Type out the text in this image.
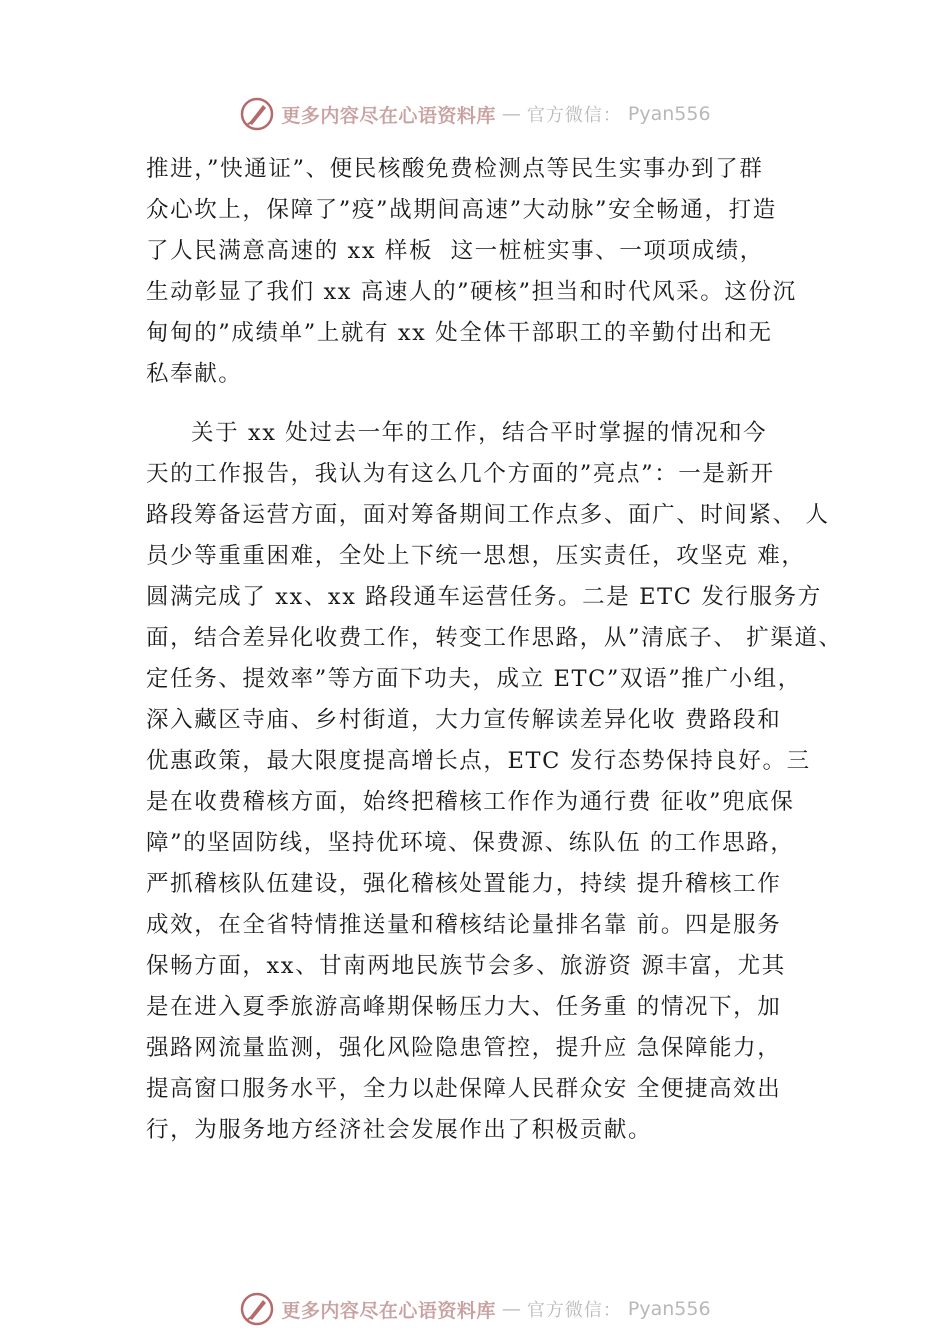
更多内容尽在心语资料库 — 官方微信： Pyan556
推进，”快通证”、便民核酸免费检测点等民生实事办到了群
众心坎上，保障了”疫”战期间高速”大动脉”安全畅通，打造
了人民满意高速的 xx 样板  这一桩桩实事、一项项成绩，
生动彰显了我们 xx 高速人的”硬核”担当和时代风采。这份沉
甸甸的”成绩单”上就有 xx 处全体干部职工的辛勤付出和无
私奉献。
关于 xx 处过去一年的工作，结合平时掌握的情况和今
天的工作报告，我认为有这么几个方面的”亮点”：一是新开
路段筹备运营方面，面对筹备期间工作点多、面广、时间紧、 人
员少等重重困难，全处上下统一思想，压实责任，攻坚克 难，
圆满完成了 xx、xx 路段通车运营任务。二是 ETC 发行服务方
面，结合差异化收费工作，转变工作思路，从”清底子、 扩渠道、
定任务、提效率”等方面下功夫，成立 ETC”双语”推广小组，
深入藏区寺庙、乡村街道，大力宣传解读差异化收 费路段和
优惠政策，最大限度提高增长点，ETC 发行态势保持良好。三
是在收费稽核方面，始终把稽核工作作为通行费 征收”兜底保
障”的坚固防线，坚持优环境、保费源、练队伍 的工作思路，
严抓稽核队伍建设，强化稽核处置能力，持续 提升稽核工作
成效，在全省特情推送量和稽核结论量排名靠 前。四是服务
保畅方面，xx、甘南两地民族节会多、旅游资 源丰富，尤其
是在进入夏季旅游高峰期保畅压力大、任务重 的情况下，加
强路网流量监测，强化风险隐患管控，提升应 急保障能力，
提高窗口服务水平，全力以赴保障人民群众安 全便捷高效出
行，为服务地方经济社会发展作出了积极贡献。
更多内容尽在心语资料库 — 官方微信： Pyan556
